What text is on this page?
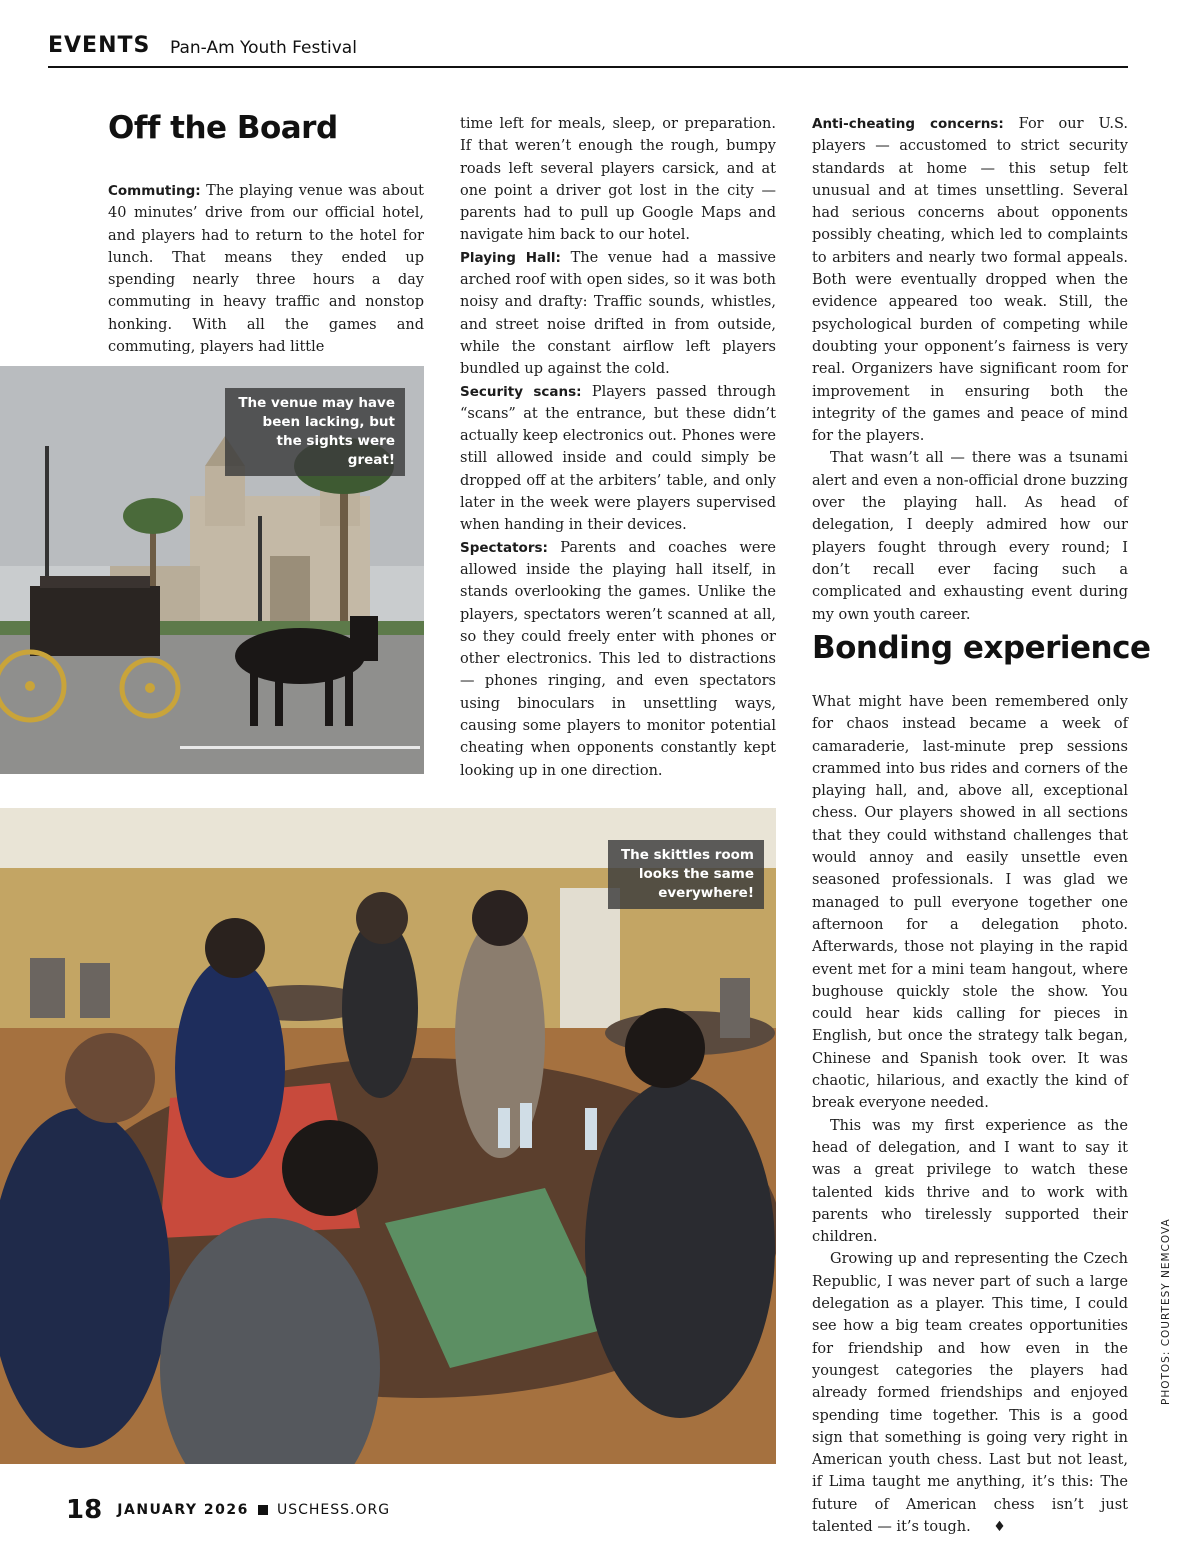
EVENTS Pan-Am Youth Festival
Off the Board

Commuting: The playing venue was about 40 minutes’ drive from our official hotel, and players had to return to the hotel for lunch. That means they ended up spending nearly three hours a day commuting in heavy traffic and nonstop honking. With all the games and commuting, players had little

time left for meals, sleep, or preparation. If that weren’t enough the rough, bumpy roads left several players carsick, and at one point a driver got lost in the city — parents had to pull up Google Maps and navigate him back to our hotel.

Playing Hall: The venue had a massive arched roof with open sides, so it was both noisy and drafty: Traffic sounds, whistles, and street noise drifted in from outside, while the constant airflow left players bundled up against the cold.

Security scans: Players passed through “scans” at the entrance, but these didn’t actually keep electronics out. Phones were still allowed inside and could simply be dropped off at the arbiters’ table, and only later in the week were players supervised when handing in their devices.

Spectators: Parents and coaches were allowed inside the playing hall itself, in stands overlooking the games. Unlike the players, spectators weren’t scanned at all, so they could freely enter with phones or other electronics. This led to distractions — phones ringing, and even spectators using binoculars in unsettling ways, causing some players to monitor potential cheating when opponents constantly kept looking up in one direction.

Anti-cheating concerns: For our U.S. players — accustomed to strict security standards at home — this setup felt unusual and at times unsettling. Several had serious concerns about opponents possibly cheating, which led to complaints to arbiters and nearly two formal appeals. Both were eventually dropped when the evidence appeared too weak. Still, the psychological burden of competing while doubting your opponent’s fairness is very real. Organizers have significant room for improvement in ensuring both the integrity of the games and peace of mind for the players.

That wasn’t all — there was a tsunami alert and even a non-official drone buzzing over the playing hall. As head of delegation, I deeply admired how our players fought through every round; I don’t recall ever facing such a complicated and exhausting event during my own youth career.

Bonding experience

What might have been remembered only for chaos instead became a week of camaraderie, last-minute prep sessions crammed into bus rides and corners of the playing hall, and, above all, exceptional chess. Our players showed in all sections that they could withstand challenges that would annoy and easily unsettle even seasoned professionals. I was glad we managed to pull everyone together one afternoon for a delegation photo. Afterwards, those not playing in the rapid event met for a mini team hangout, where bughouse quickly stole the show. You could hear kids calling for pieces in English, but once the strategy talk began, Chinese and Spanish took over. It was chaotic, hilarious, and exactly the kind of break everyone needed.

This was my first experience as the head of delegation, and I want to say it was a great privilege to watch these talented kids thrive and to work with parents who tirelessly supported their children.

Growing up and representing the Czech Republic, I was never part of such a large delegation as a player. This time, I could see how a big team creates opportunities for friendship and how even in the youngest categories the players had already formed friendships and enjoyed spending time together. This is a good sign that something is going very right in American youth chess. Last but not least, if Lima taught me anything, it’s this: The future of American chess isn’t just talented — it’s tough. ♦

The venue may have been lacking, but the sights were great!
The skittles room looks the same everywhere!
PHOTOS: COURTESY NEMCOVA
18 JANUARY 2026 USCHESS.ORG
